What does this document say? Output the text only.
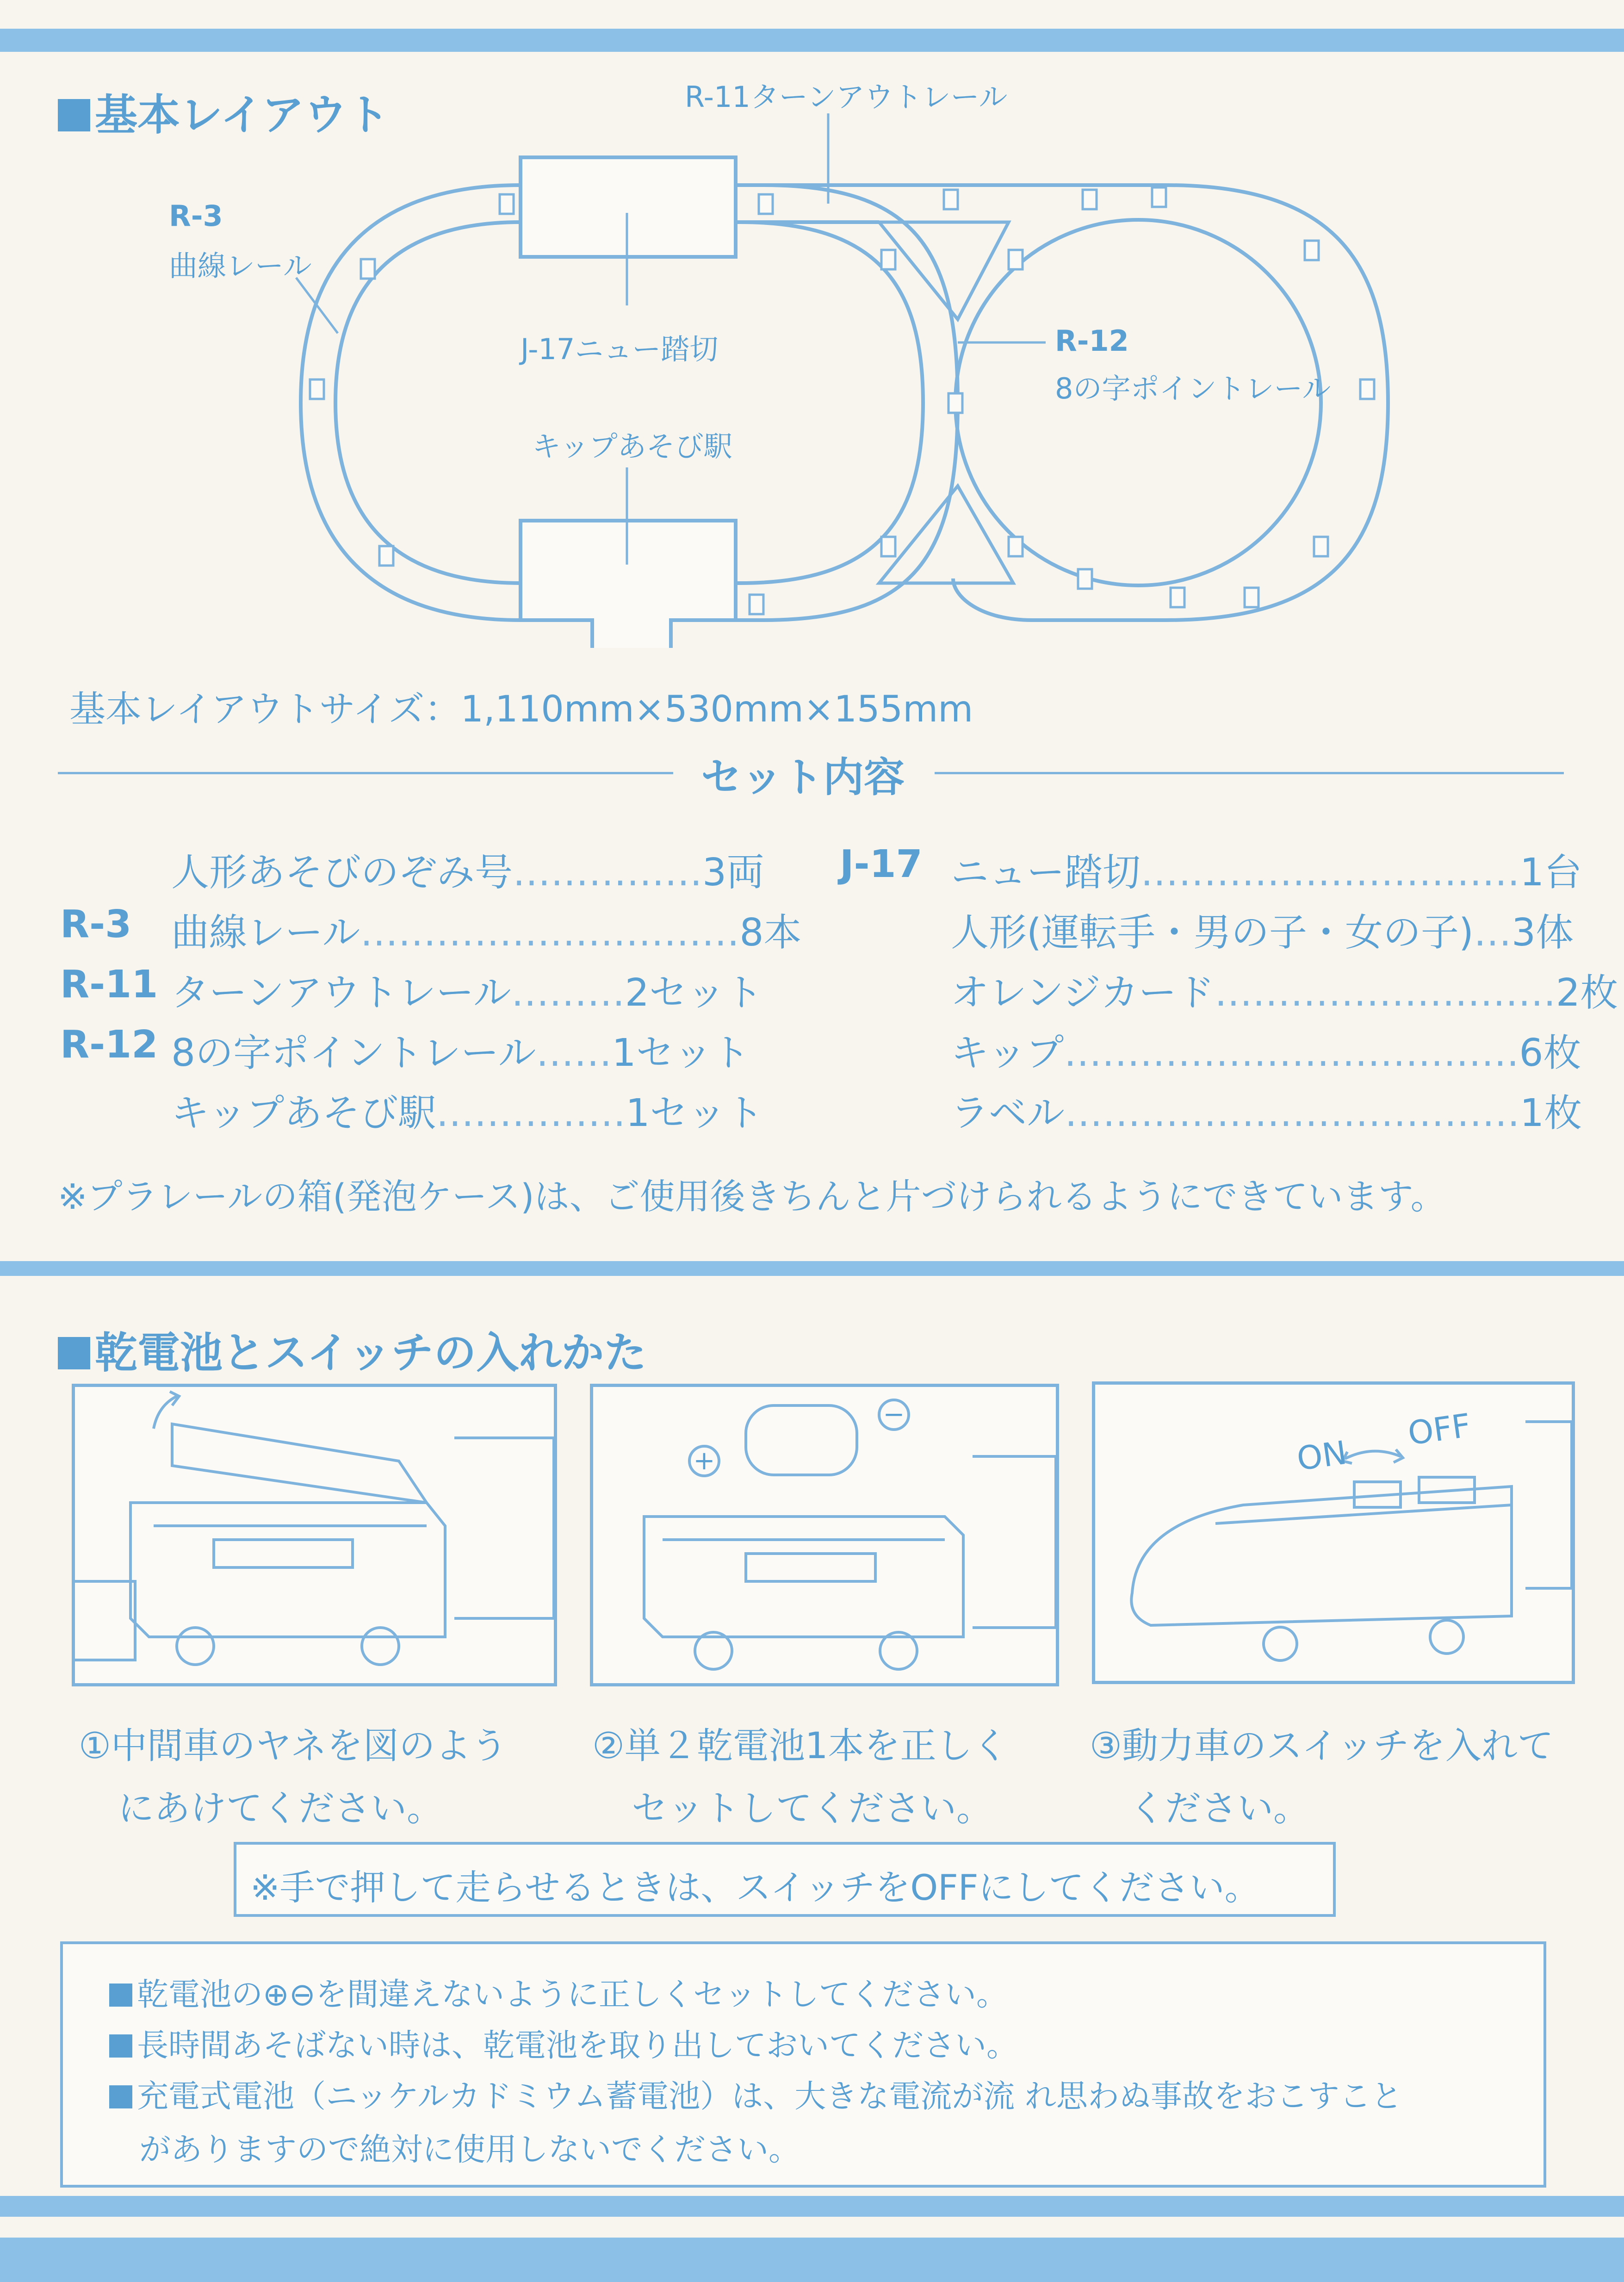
基本レイアウト	R-11ターンアウトレール
R-3
曲線レール
J-17ニュー踏切	R-12
8の字ポイントレール
キップあそび駅
基本レイアウトサイズ：1,110mm×530mm×155mm
セット内容
人形あそびのぞみ号……………3両
R-3 曲線レール…………………………8本
R-11 ターンアウトレール………2セット
R-12 8の字ポイントレール……1セット
キップあそび駅……………1セット
J-17 ニュー踏切…………………………1台
人形(運転手・男の子・女の子)…3体
オレンジカード………………………2枚
キップ………………………………6枚
ラベル………………………………1枚
※プラレールの箱(発泡ケース)は、ご使用後きちんと片づけられるようにできています。
乾電池とスイッチの入れかた
+
−
ON
OFF
①中間車のヤネを図のよう
にあけてください。
②単２乾電池1本を正しく
セットしてください。
③動力車のスイッチを入れて
ください。
※手で押して走らせるときは、スイッチをOFFにしてください。
乾電池の⊕⊖を間違えないように正しくセットしてください。
長時間あそばない時は、乾電池を取り出しておいてください。
充電式電池（ニッケルカドミウム蓄電池）は、大きな電流が流 れ思わぬ事故をおこすこと
がありますので絶対に使用しないでください。
